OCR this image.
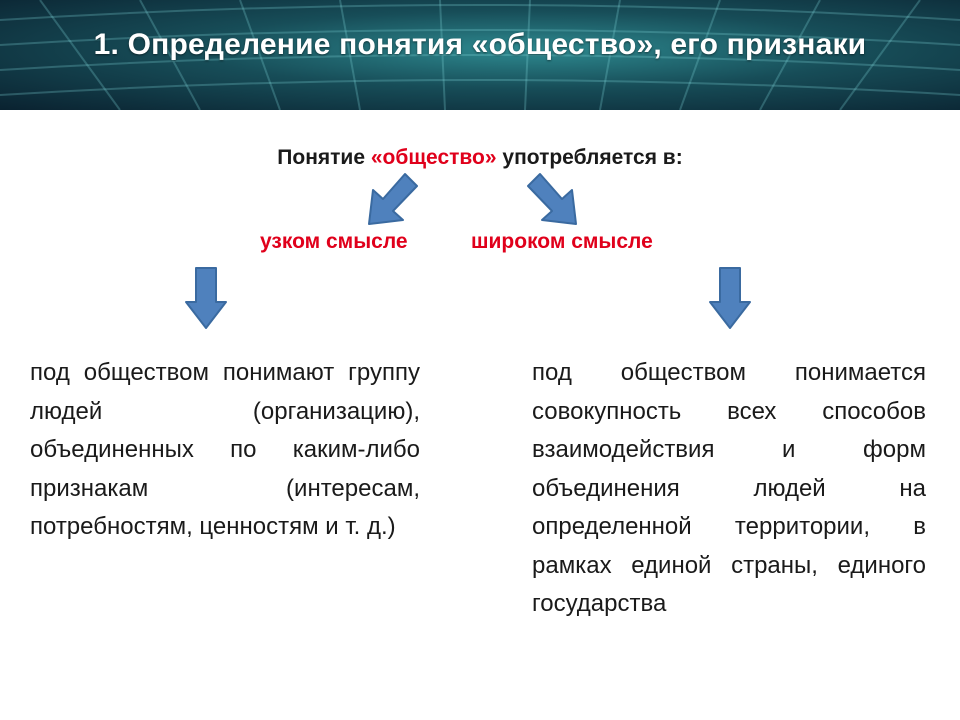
1. Определение понятия «общество», его признаки
Понятие «общество» употребляется в:
узком смысле	широком смысле
под обществом понимают группу людей (организацию), объединенных по каким-либо признакам (интересам, потребностям, ценностям и т. д.)
под обществом понимается совокупность всех способов взаимодействия и форм объединения людей на определенной территории, в рамках единой страны, единого государства
